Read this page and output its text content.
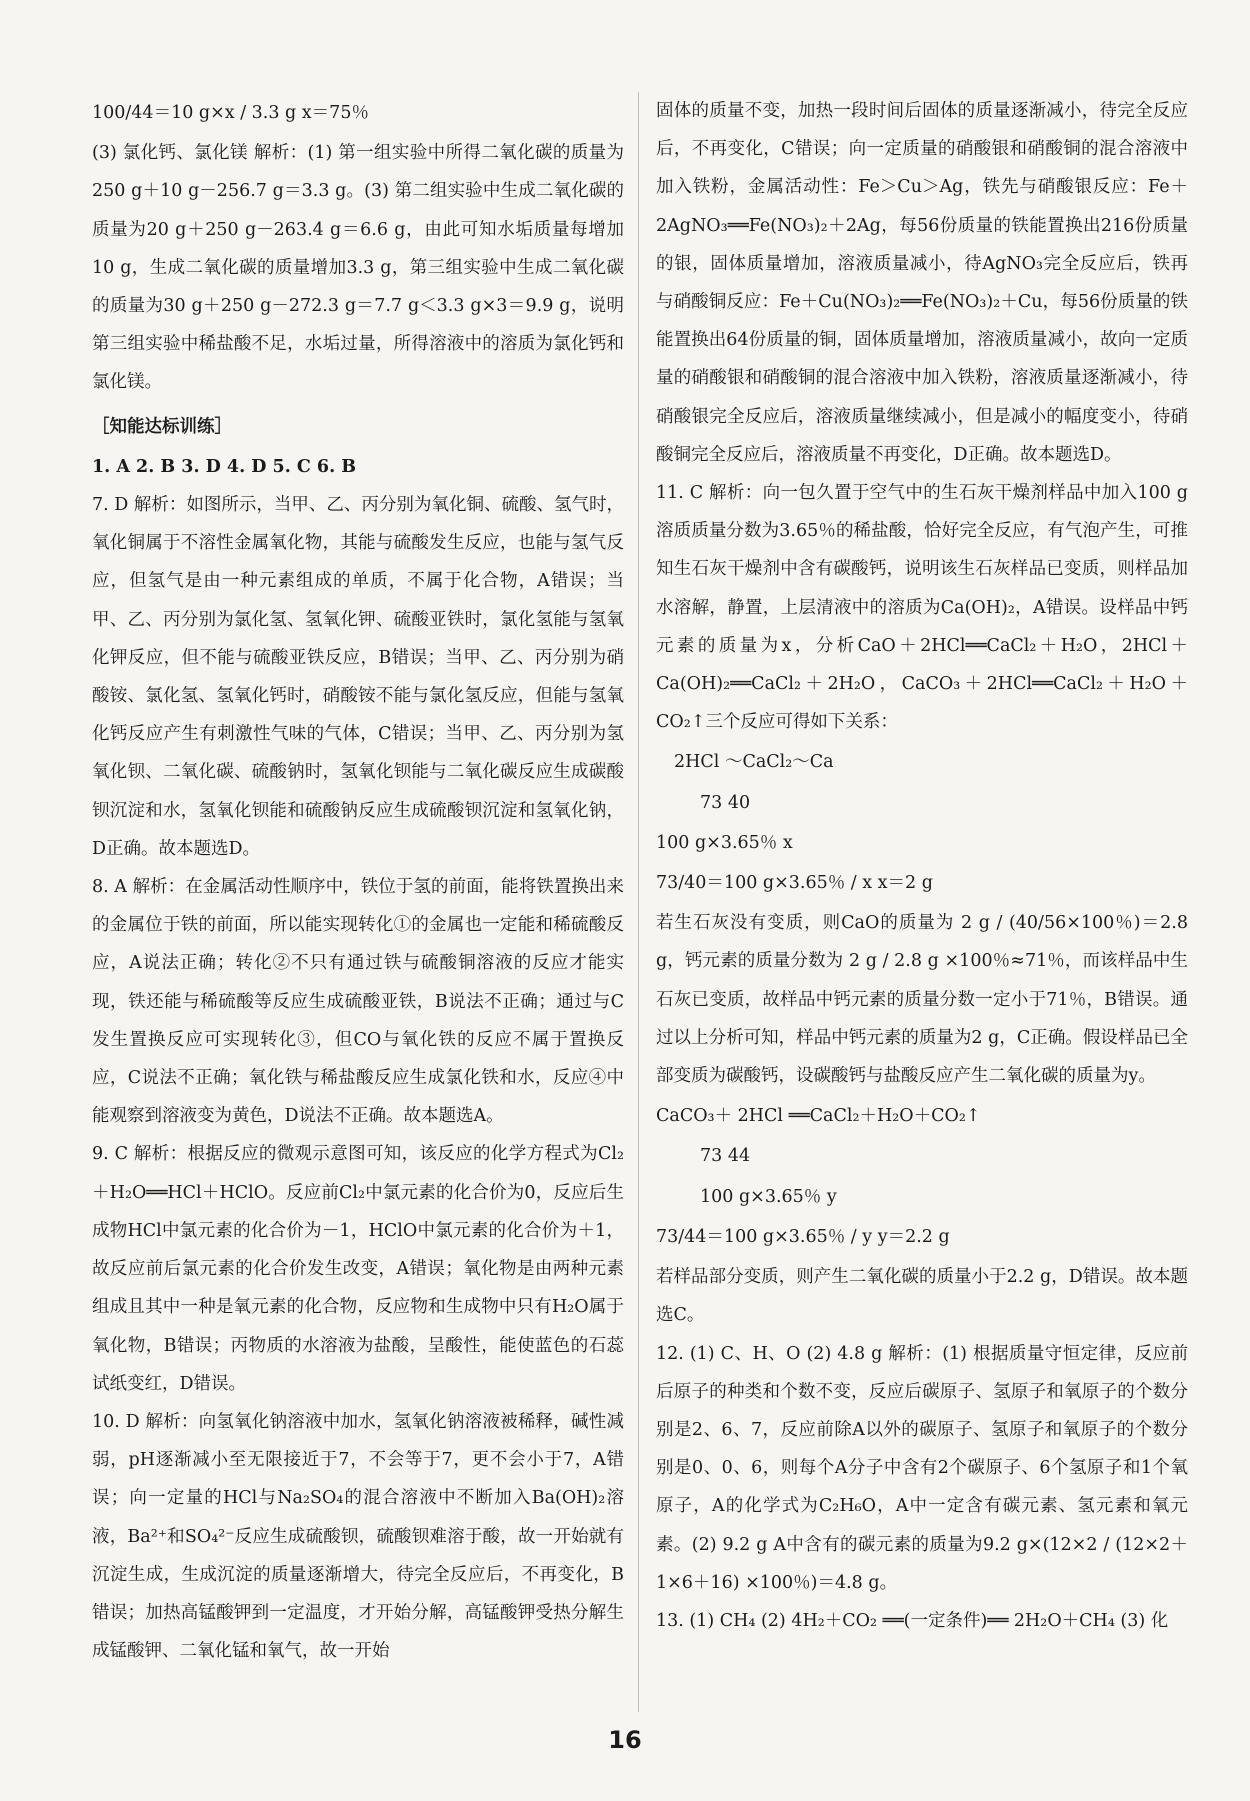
100/44＝10 g×x / 3.3 g x＝75％
(3) 氯化钙、氯化镁 解析：(1) 第一组实验中所得二氧化碳的质量为250 g＋10 g－256.7 g＝3.3 g。(3) 第二组实验中生成二氧化碳的质量为20 g＋250 g－263.4 g＝6.6 g，由此可知水垢质量每增加10 g，生成二氧化碳的质量增加3.3 g，第三组实验中生成二氧化碳的质量为30 g＋250 g－272.3 g＝7.7 g＜3.3 g×3＝9.9 g，说明第三组实验中稀盐酸不足，水垢过量，所得溶液中的溶质为氯化钙和氯化镁。
［知能达标训练］
1. A 2. B 3. D 4. D 5. C 6. B
7. D 解析：如图所示，当甲、乙、丙分别为氧化铜、硫酸、氢气时，氧化铜属于不溶性金属氧化物，其能与硫酸发生反应，也能与氢气反应，但氢气是由一种元素组成的单质，不属于化合物，A错误；当甲、乙、丙分别为氯化氢、氢氧化钾、硫酸亚铁时，氯化氢能与氢氧化钾反应，但不能与硫酸亚铁反应，B错误；当甲、乙、丙分别为硝酸铵、氯化氢、氢氧化钙时，硝酸铵不能与氯化氢反应，但能与氢氧化钙反应产生有刺激性气味的气体，C错误；当甲、乙、丙分别为氢氧化钡、二氧化碳、硫酸钠时，氢氧化钡能与二氧化碳反应生成碳酸钡沉淀和水，氢氧化钡能和硫酸钠反应生成硫酸钡沉淀和氢氧化钠，D正确。故本题选D。
8. A 解析：在金属活动性顺序中，铁位于氢的前面，能将铁置换出来的金属位于铁的前面，所以能实现转化①的金属也一定能和稀硫酸反应，A说法正确；转化②不只有通过铁与硫酸铜溶液的反应才能实现，铁还能与稀硫酸等反应生成硫酸亚铁，B说法不正确；通过与C发生置换反应可实现转化③，但CO与氧化铁的反应不属于置换反应，C说法不正确；氧化铁与稀盐酸反应生成氯化铁和水，反应④中能观察到溶液变为黄色，D说法不正确。故本题选A。
9. C 解析：根据反应的微观示意图可知，该反应的化学方程式为Cl₂＋H₂O══HCl＋HClO。反应前Cl₂中氯元素的化合价为0，反应后生成物HCl中氯元素的化合价为－1，HClO中氯元素的化合价为＋1，故反应前后氯元素的化合价发生改变，A错误；氧化物是由两种元素组成且其中一种是氧元素的化合物，反应物和生成物中只有H₂O属于氧化物，B错误；丙物质的水溶液为盐酸，呈酸性，能使蓝色的石蕊试纸变红，D错误。
10. D 解析：向氢氧化钠溶液中加水，氢氧化钠溶液被稀释，碱性减弱，pH逐渐减小至无限接近于7，不会等于7，更不会小于7，A错误；向一定量的HCl与Na₂SO₄的混合溶液中不断加入Ba(OH)₂溶液，Ba²⁺和SO₄²⁻反应生成硫酸钡，硫酸钡难溶于酸，故一开始就有沉淀生成，生成沉淀的质量逐渐增大，待完全反应后，不再变化，B错误；加热高锰酸钾到一定温度，才开始分解，高锰酸钾受热分解生成锰酸钾、二氧化锰和氧气，故一开始
固体的质量不变，加热一段时间后固体的质量逐渐减小，待完全反应后，不再变化，C错误；向一定质量的硝酸银和硝酸铜的混合溶液中加入铁粉，金属活动性：Fe＞Cu＞Ag，铁先与硝酸银反应：Fe＋2AgNO₃══Fe(NO₃)₂＋2Ag，每56份质量的铁能置换出216份质量的银，固体质量增加，溶液质量减小，待AgNO₃完全反应后，铁再与硝酸铜反应：Fe＋Cu(NO₃)₂══Fe(NO₃)₂＋Cu，每56份质量的铁能置换出64份质量的铜，固体质量增加，溶液质量减小，故向一定质量的硝酸银和硝酸铜的混合溶液中加入铁粉，溶液质量逐渐减小，待硝酸银完全反应后，溶液质量继续减小，但是减小的幅度变小，待硝酸铜完全反应后，溶液质量不再变化，D正确。故本题选D。
11. C 解析：向一包久置于空气中的生石灰干燥剂样品中加入100 g溶质质量分数为3.65％的稀盐酸，恰好完全反应，有气泡产生，可推知生石灰干燥剂中含有碳酸钙，说明该生石灰样品已变质，则样品加水溶解，静置，上层清液中的溶质为Ca(OH)₂，A错误。设样品中钙元素的质量为x，分析CaO＋2HCl══CaCl₂＋H₂O，2HCl＋Ca(OH)₂══CaCl₂＋2H₂O，CaCO₃＋2HCl══CaCl₂＋H₂O＋CO₂↑三个反应可得如下关系：
2HCl ～CaCl₂～Ca
73 40
100 g×3.65％ x
73/40＝100 g×3.65％ / x x＝2 g
若生石灰没有变质，则CaO的质量为 2 g / (40/56×100％)＝2.8 g，钙元素的质量分数为 2 g / 2.8 g ×100％≈71％，而该样品中生石灰已变质，故样品中钙元素的质量分数一定小于71％，B错误。通过以上分析可知，样品中钙元素的质量为2 g，C正确。假设样品已全部变质为碳酸钙，设碳酸钙与盐酸反应产生二氧化碳的质量为y。
CaCO₃＋ 2HCl ══CaCl₂＋H₂O＋CO₂↑
73 44
100 g×3.65％ y
73/44＝100 g×3.65％ / y y＝2.2 g
若样品部分变质，则产生二氧化碳的质量小于2.2 g，D错误。故本题选C。
12. (1) C、H、O (2) 4.8 g 解析：(1) 根据质量守恒定律，反应前后原子的种类和个数不变，反应后碳原子、氢原子和氧原子的个数分别是2、6、7，反应前除A以外的碳原子、氢原子和氧原子的个数分别是0、0、6，则每个A分子中含有2个碳原子、6个氢原子和1个氧原子，A的化学式为C₂H₆O，A中一定含有碳元素、氢元素和氧元素。(2) 9.2 g A中含有的碳元素的质量为9.2 g×(12×2 / (12×2＋1×6＋16) ×100％)＝4.8 g。
13. (1) CH₄ (2) 4H₂＋CO₂ ══(一定条件)══ 2H₂O＋CH₄ (3) 化
16
